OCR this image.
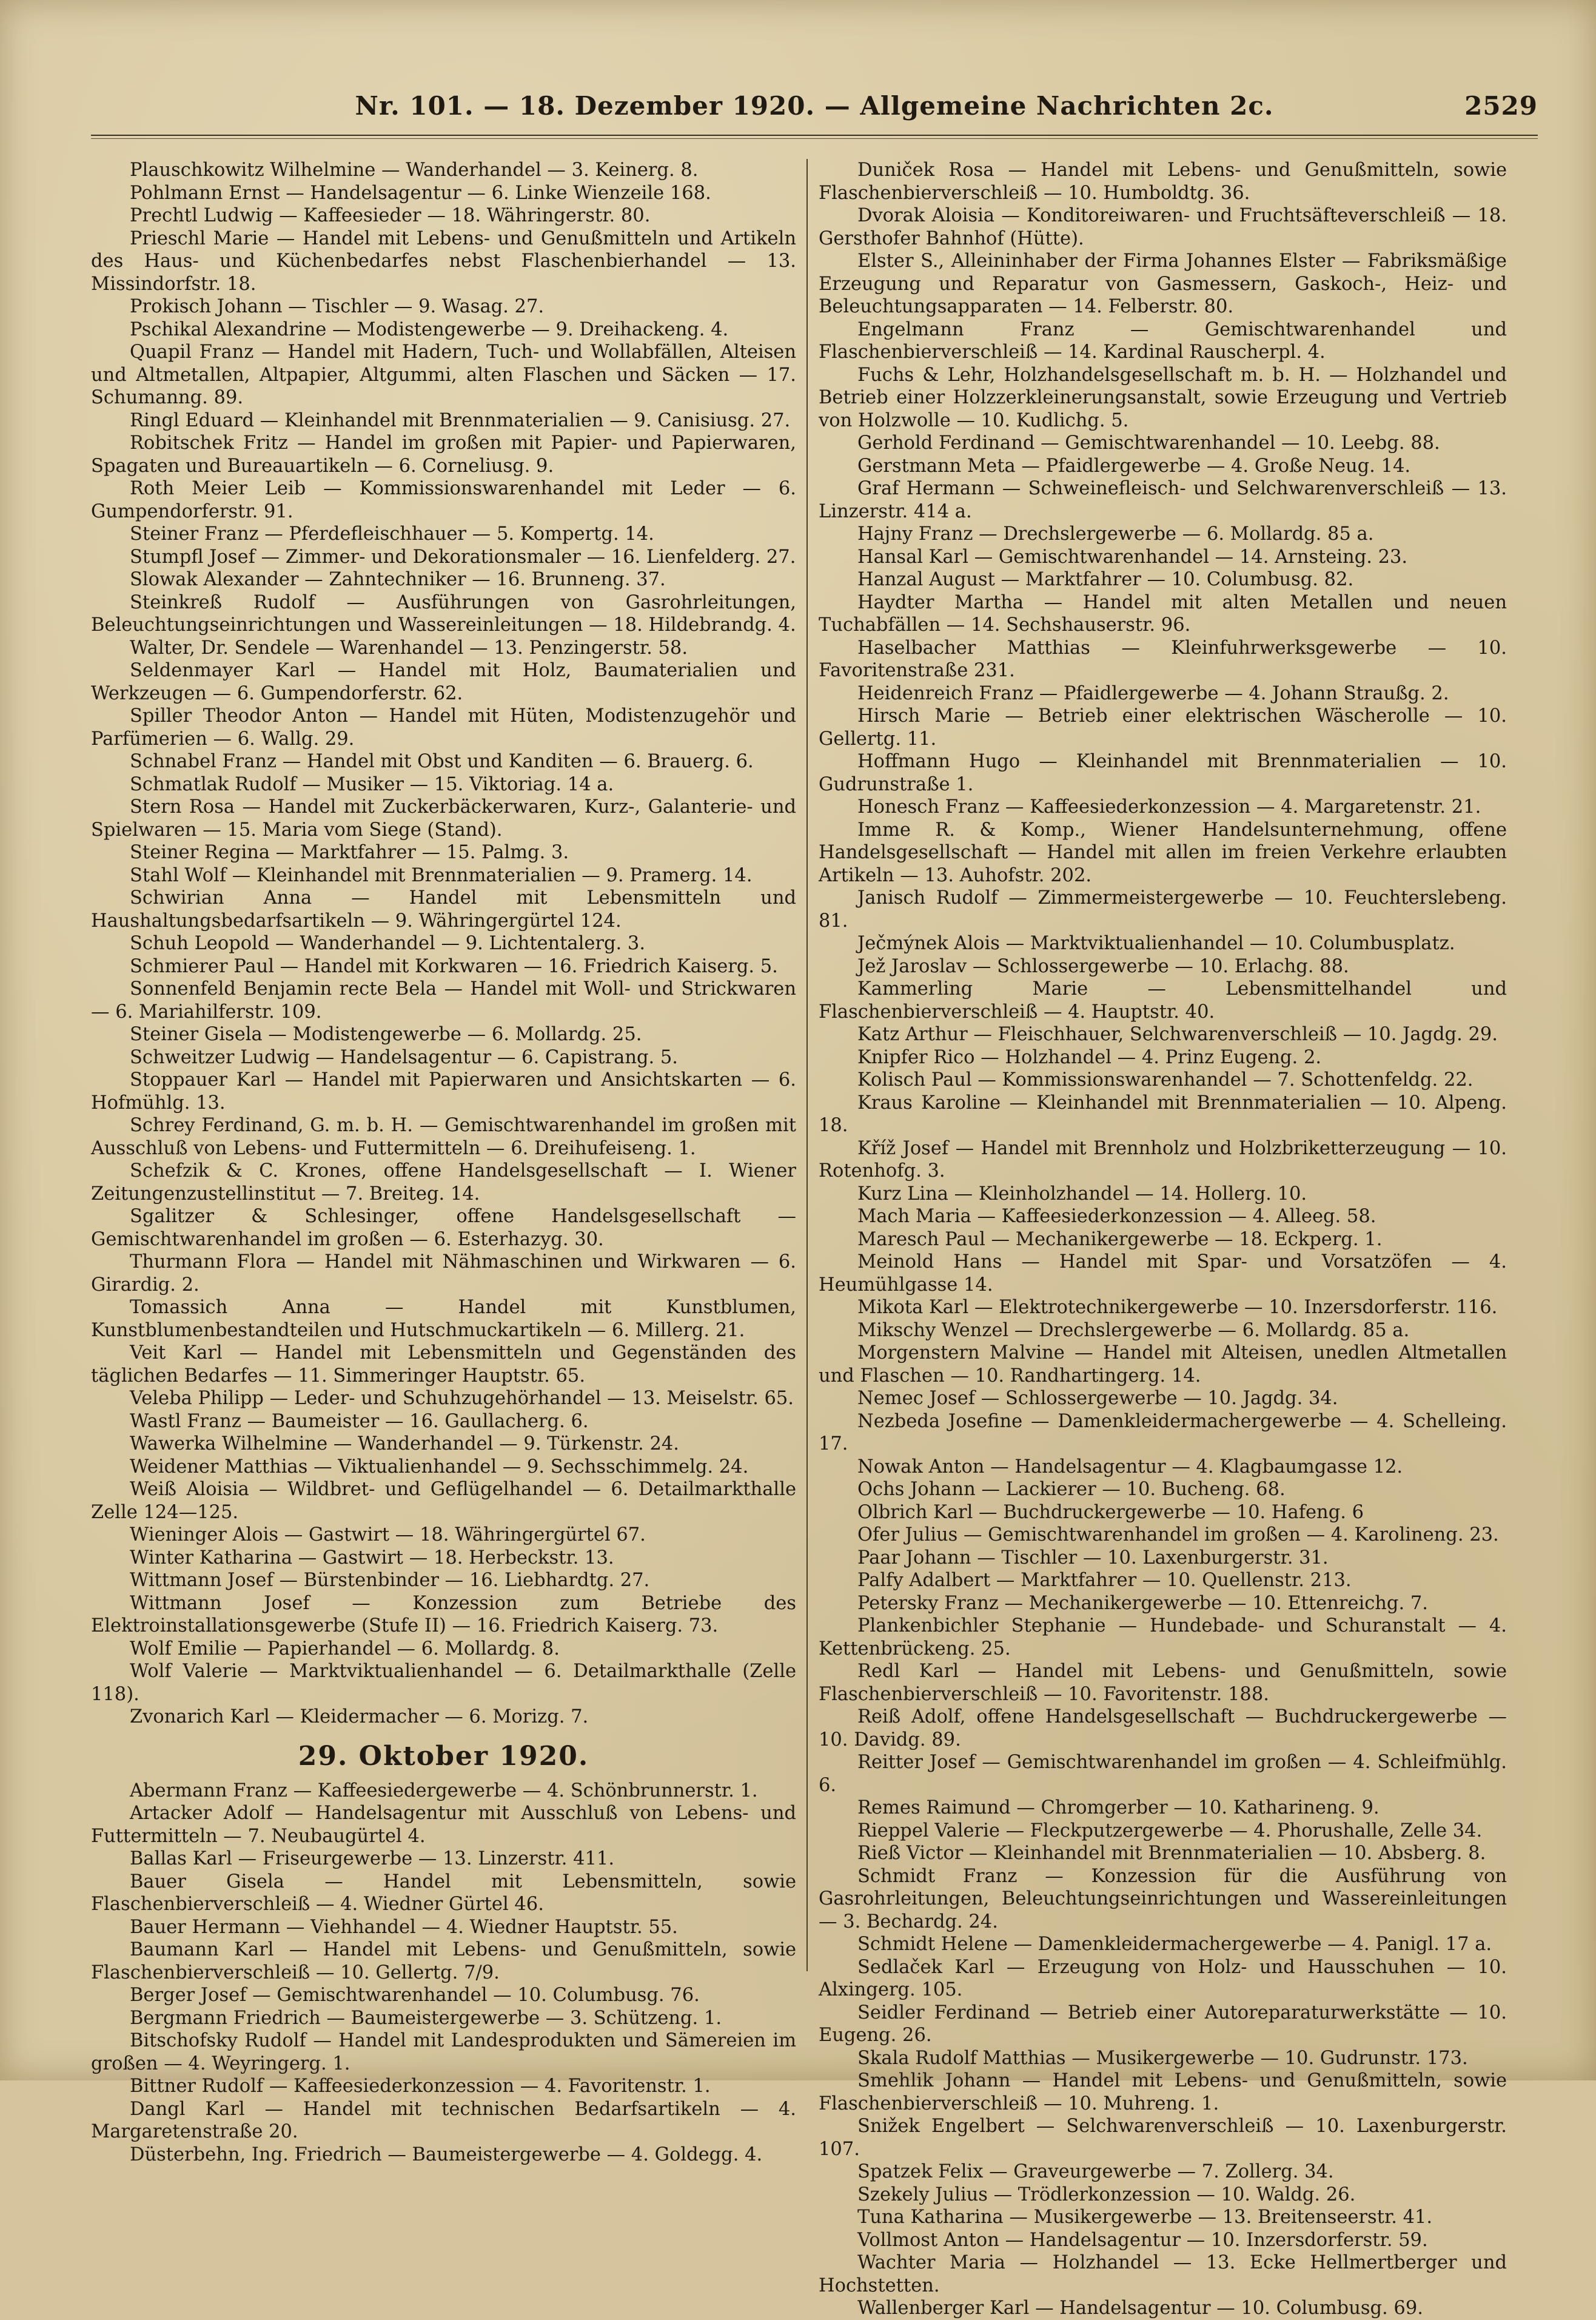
Nr. 101. — 18. Dezember 1920. — Allgemeine Nachrichten 2c.	2529

Plauschkowitz Wilhelmine — Wanderhandel — 3. Keinerg. 8.

Pohlmann Ernst — Handelsagentur — 6. Linke Wienzeile 168.

Prechtl Ludwig — Kaffeesieder — 18. Währingerstr. 80.

Prieschl Marie — Handel mit Lebens- und Genußmitteln und Artikeln des Haus- und Küchenbedarfes nebst Flaschenbierhandel — 13. Missindorfstr. 18.

Prokisch Johann — Tischler — 9. Wasag. 27.

Pschikal Alexandrine — Modistengewerbe — 9. Dreihackeng. 4.

Quapil Franz — Handel mit Hadern, Tuch- und Wollabfällen, Alteisen und Altmetallen, Altpapier, Altgummi, alten Flaschen und Säcken — 17. Schumanng. 89.

Ringl Eduard — Kleinhandel mit Brennmaterialien — 9. Canisiusg. 27.

Robitschek Fritz — Handel im großen mit Papier- und Papierwaren, Spagaten und Bureauartikeln — 6. Corneliusg. 9.

Roth Meier Leib — Kommissionswarenhandel mit Leder — 6. Gumpendorferstr. 91.

Steiner Franz — Pferdefleischhauer — 5. Kompertg. 14.

Stumpfl Josef — Zimmer- und Dekorationsmaler — 16. Lienfelderg. 27.

Slowak Alexander — Zahntechniker — 16. Brunneng. 37.

Steinkreß Rudolf — Ausführungen von Gasrohrleitungen, Beleuchtungseinrichtungen und Wassereinleitungen — 18. Hildebrandg. 4.

Walter, Dr. Sendele — Warenhandel — 13. Penzingerstr. 58.

Seldenmayer Karl — Handel mit Holz, Baumaterialien und Werkzeugen — 6. Gumpendorferstr. 62.

Spiller Theodor Anton — Handel mit Hüten, Modistenzugehör und Parfümerien — 6. Wallg. 29.

Schnabel Franz — Handel mit Obst und Kanditen — 6. Brauerg. 6.

Schmatlak Rudolf — Musiker — 15. Viktoriag. 14 a.

Stern Rosa — Handel mit Zuckerbäckerwaren, Kurz-, Galanterie- und Spielwaren — 15. Maria vom Siege (Stand).

Steiner Regina — Marktfahrer — 15. Palmg. 3.

Stahl Wolf — Kleinhandel mit Brennmaterialien — 9. Pramerg. 14.

Schwirian Anna — Handel mit Lebensmitteln und Haushaltungsbedarfsartikeln — 9. Währingergürtel 124.

Schuh Leopold — Wanderhandel — 9. Lichtentalerg. 3.

Schmierer Paul — Handel mit Korkwaren — 16. Friedrich Kaiserg. 5.

Sonnenfeld Benjamin recte Bela — Handel mit Woll- und Strickwaren — 6. Mariahilferstr. 109.

Steiner Gisela — Modistengewerbe — 6. Mollardg. 25.

Schweitzer Ludwig — Handelsagentur — 6. Capistrang. 5.

Stoppauer Karl — Handel mit Papierwaren und Ansichtskarten — 6. Hofmühlg. 13.

Schrey Ferdinand, G. m. b. H. — Gemischtwarenhandel im großen mit Ausschluß von Lebens- und Futtermitteln — 6. Dreihufeiseng. 1.

Schefzik & C. Krones, offene Handelsgesellschaft — I. Wiener Zeitungenzustellinstitut — 7. Breiteg. 14.

Sgalitzer & Schlesinger, offene Handelsgesellschaft — Gemischtwarenhandel im großen — 6. Esterhazyg. 30.

Thurmann Flora — Handel mit Nähmaschinen und Wirkwaren — 6. Girardig. 2.

Tomassich Anna — Handel mit Kunstblumen, Kunstblumenbestandteilen und Hutschmuckartikeln — 6. Millerg. 21.

Veit Karl — Handel mit Lebensmitteln und Gegenständen des täglichen Bedarfes — 11. Simmeringer Hauptstr. 65.

Veleba Philipp — Leder- und Schuhzugehörhandel — 13. Meiselstr. 65.

Wastl Franz — Baumeister — 16. Gaullacherg. 6.

Wawerka Wilhelmine — Wanderhandel — 9. Türkenstr. 24.

Weidener Matthias — Viktualienhandel — 9. Sechsschimmelg. 24.

Weiß Aloisia — Wildbret- und Geflügelhandel — 6. Detailmarkthalle Zelle 124—125.

Wieninger Alois — Gastwirt — 18. Währingergürtel 67.

Winter Katharina — Gastwirt — 18. Herbeckstr. 13.

Wittmann Josef — Bürstenbinder — 16. Liebhardtg. 27.

Wittmann Josef — Konzession zum Betriebe des Elektroinstallationsgewerbe (Stufe II) — 16. Friedrich Kaiserg. 73.

Wolf Emilie — Papierhandel — 6. Mollardg. 8.

Wolf Valerie — Marktviktualienhandel — 6. Detailmarkthalle (Zelle 118).

Zvonarich Karl — Kleidermacher — 6. Morizg. 7.

29. Oktober 1920.

Abermann Franz — Kaffeesiedergewerbe — 4. Schönbrunnerstr. 1.

Artacker Adolf — Handelsagentur mit Ausschluß von Lebens- und Futtermitteln — 7. Neubaugürtel 4.

Ballas Karl — Friseurgewerbe — 13. Linzerstr. 411.

Bauer Gisela — Handel mit Lebensmitteln, sowie Flaschenbierverschleiß — 4. Wiedner Gürtel 46.

Bauer Hermann — Viehhandel — 4. Wiedner Hauptstr. 55.

Baumann Karl — Handel mit Lebens- und Genußmitteln, sowie Flaschenbierverschleiß — 10. Gellertg. 7/9.

Berger Josef — Gemischtwarenhandel — 10. Columbusg. 76.

Bergmann Friedrich — Baumeistergewerbe — 3. Schützeng. 1.

Bitschofsky Rudolf — Handel mit Landesprodukten und Sämereien im großen — 4. Weyringerg. 1.

Bittner Rudolf — Kaffeesiederkonzession — 4. Favoritenstr. 1.

Dangl Karl — Handel mit technischen Bedarfsartikeln — 4. Margaretenstraße 20.

Düsterbehn, Ing. Friedrich — Baumeistergewerbe — 4. Goldegg. 4.

Duniček Rosa — Handel mit Lebens- und Genußmitteln, sowie Flaschenbierverschleiß — 10. Humboldtg. 36.

Dvorak Aloisia — Konditoreiwaren- und Fruchtsäfteverschleiß — 18. Gersthofer Bahnhof (Hütte).

Elster S., Alleininhaber der Firma Johannes Elster — Fabriksmäßige Erzeugung und Reparatur von Gasmessern, Gaskoch-, Heiz- und Beleuchtungsapparaten — 14. Felberstr. 80.

Engelmann Franz — Gemischtwarenhandel und Flaschenbierverschleiß — 14. Kardinal Rauscherpl. 4.

Fuchs & Lehr, Holzhandelsgesellschaft m. b. H. — Holzhandel und Betrieb einer Holzzerkleinerungsanstalt, sowie Erzeugung und Vertrieb von Holzwolle — 10. Kudlichg. 5.

Gerhold Ferdinand — Gemischtwarenhandel — 10. Leebg. 88.

Gerstmann Meta — Pfaidlergewerbe — 4. Große Neug. 14.

Graf Hermann — Schweinefleisch- und Selchwarenverschleiß — 13. Linzerstr. 414 a.

Hajny Franz — Drechslergewerbe — 6. Mollardg. 85 a.

Hansal Karl — Gemischtwarenhandel — 14. Arnsteing. 23.

Hanzal August — Marktfahrer — 10. Columbusg. 82.

Haydter Martha — Handel mit alten Metallen und neuen Tuchabfällen — 14. Sechshauserstr. 96.

Haselbacher Matthias — Kleinfuhrwerksgewerbe — 10. Favoritenstraße 231.

Heidenreich Franz — Pfaidlergewerbe — 4. Johann Straußg. 2.

Hirsch Marie — Betrieb einer elektrischen Wäscherolle — 10. Gellertg. 11.

Hoffmann Hugo — Kleinhandel mit Brennmaterialien — 10. Gudrunstraße 1.

Honesch Franz — Kaffeesiederkonzession — 4. Margaretenstr. 21.

Imme R. & Komp., Wiener Handelsunternehmung, offene Handelsgesellschaft — Handel mit allen im freien Verkehre erlaubten Artikeln — 13. Auhofstr. 202.

Janisch Rudolf — Zimmermeistergewerbe — 10. Feuchterslebeng. 81.

Ječmýnek Alois — Marktviktualienhandel — 10. Columbusplatz.

Jež Jaroslav — Schlossergewerbe — 10. Erlachg. 88.

Kammerling Marie — Lebensmittelhandel und Flaschenbierverschleiß — 4. Hauptstr. 40.

Katz Arthur — Fleischhauer, Selchwarenverschleiß — 10. Jagdg. 29.

Knipfer Rico — Holzhandel — 4. Prinz Eugeng. 2.

Kolisch Paul — Kommissionswarenhandel — 7. Schottenfeldg. 22.

Kraus Karoline — Kleinhandel mit Brennmaterialien — 10. Alpeng. 18.

Kříž Josef — Handel mit Brennholz und Holzbriketterzeugung — 10. Rotenhofg. 3.

Kurz Lina — Kleinholzhandel — 14. Hollerg. 10.

Mach Maria — Kaffeesiederkonzession — 4. Alleeg. 58.

Maresch Paul — Mechanikergewerbe — 18. Eckperg. 1.

Meinold Hans — Handel mit Spar- und Vorsatzöfen — 4. Heumühlgasse 14.

Mikota Karl — Elektrotechnikergewerbe — 10. Inzersdorferstr. 116.

Mikschy Wenzel — Drechslergewerbe — 6. Mollardg. 85 a.

Morgenstern Malvine — Handel mit Alteisen, unedlen Altmetallen und Flaschen — 10. Randhartingerg. 14.

Nemec Josef — Schlossergewerbe — 10. Jagdg. 34.

Nezbeda Josefine — Damenkleidermachergewerbe — 4. Schelleing. 17.

Nowak Anton — Handelsagentur — 4. Klagbaumgasse 12.

Ochs Johann — Lackierer — 10. Bucheng. 68.

Olbrich Karl — Buchdruckergewerbe — 10. Hafeng. 6

Ofer Julius — Gemischtwarenhandel im großen — 4. Karolineng. 23.

Paar Johann — Tischler — 10. Laxenburgerstr. 31.

Palfy Adalbert — Marktfahrer — 10. Quellenstr. 213.

Petersky Franz — Mechanikergewerbe — 10. Ettenreichg. 7.

Plankenbichler Stephanie — Hundebade- und Schuranstalt — 4. Kettenbrückeng. 25.

Redl Karl — Handel mit Lebens- und Genußmitteln, sowie Flaschenbierverschleiß — 10. Favoritenstr. 188.

Reiß Adolf, offene Handelsgesellschaft — Buchdruckergewerbe — 10. Davidg. 89.

Reitter Josef — Gemischtwarenhandel im großen — 4. Schleifmühlg. 6.

Remes Raimund — Chromgerber — 10. Katharineng. 9.

Rieppel Valerie — Fleckputzergewerbe — 4. Phorushalle, Zelle 34.

Rieß Victor — Kleinhandel mit Brennmaterialien — 10. Absberg. 8.

Schmidt Franz — Konzession für die Ausführung von Gasrohrleitungen, Beleuchtungseinrichtungen und Wassereinleitungen — 3. Bechardg. 24.

Schmidt Helene — Damenkleidermachergewerbe — 4. Panigl. 17 a.

Sedlaček Karl — Erzeugung von Holz- und Hausschuhen — 10. Alxingerg. 105.

Seidler Ferdinand — Betrieb einer Autoreparaturwerkstätte — 10. Eugeng. 26.

Skala Rudolf Matthias — Musikergewerbe — 10. Gudrunstr. 173.

Smehlik Johann — Handel mit Lebens- und Genußmitteln, sowie Flaschenbierverschleiß — 10. Muhreng. 1.

Snižek Engelbert — Selchwarenverschleiß — 10. Laxenburgerstr. 107.

Spatzek Felix — Graveurgewerbe — 7. Zollerg. 34.

Szekely Julius — Trödlerkonzession — 10. Waldg. 26.

Tuna Katharina — Musikergewerbe — 13. Breitenseerstr. 41.

Vollmost Anton — Handelsagentur — 10. Inzersdorferstr. 59.

Wachter Maria — Holzhandel — 13. Ecke Hellmertberger und Hochstetten.

Wallenberger Karl — Handelsagentur — 10. Columbusg. 69.
